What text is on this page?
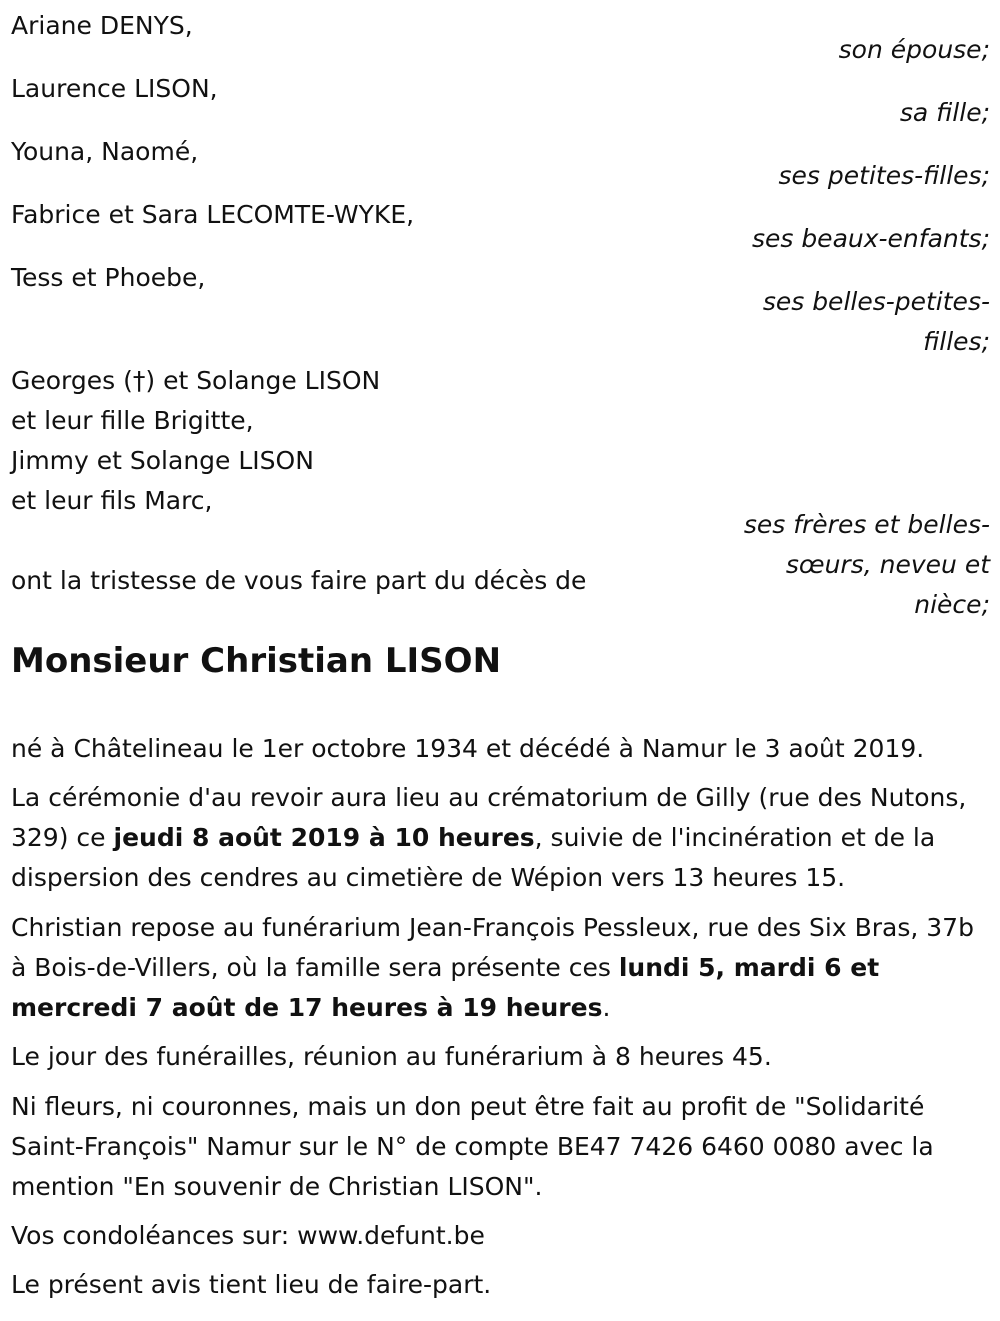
Ariane DENYS,
son épouse;
Laurence LISON,
sa fille;
Youna, Naomé,
ses petites-filles;
Fabrice et Sara LECOMTE-WYKE,
ses beaux-enfants;
Tess et Phoebe,
ses belles-petites-
filles;
Georges (†) et Solange LISON
et leur fille Brigitte,
Jimmy et Solange LISON
et leur fils Marc,
ses frères et belles-
sœurs, neveu et
nièce;
ont la tristesse de vous faire part du décès de
Monsieur Christian LISON

né à Châtelineau le 1er octobre 1934 et décédé à Namur le 3 août 2019.

La cérémonie d'au revoir aura lieu au crématorium de Gilly (rue des Nutons, 329) ce jeudi 8 août 2019 à 10 heures, suivie de l'incinération et de la dispersion des cendres au cimetière de Wépion vers 13 heures 15.

Christian repose au funérarium Jean-François Pessleux, rue des Six Bras, 37b à Bois-de-Villers, où la famille sera présente ces lundi 5, mardi 6 et mercredi 7 août de 17 heures à 19 heures.

Le jour des funérailles, réunion au funérarium à 8 heures 45.

Ni fleurs, ni couronnes, mais un don peut être fait au profit de "Solidarité Saint-François" Namur sur le N° de compte BE47 7426 6460 0080 avec la mention "En souvenir de Christian LISON".

Vos condoléances sur: www.defunt.be

Le présent avis tient lieu de faire-part.
